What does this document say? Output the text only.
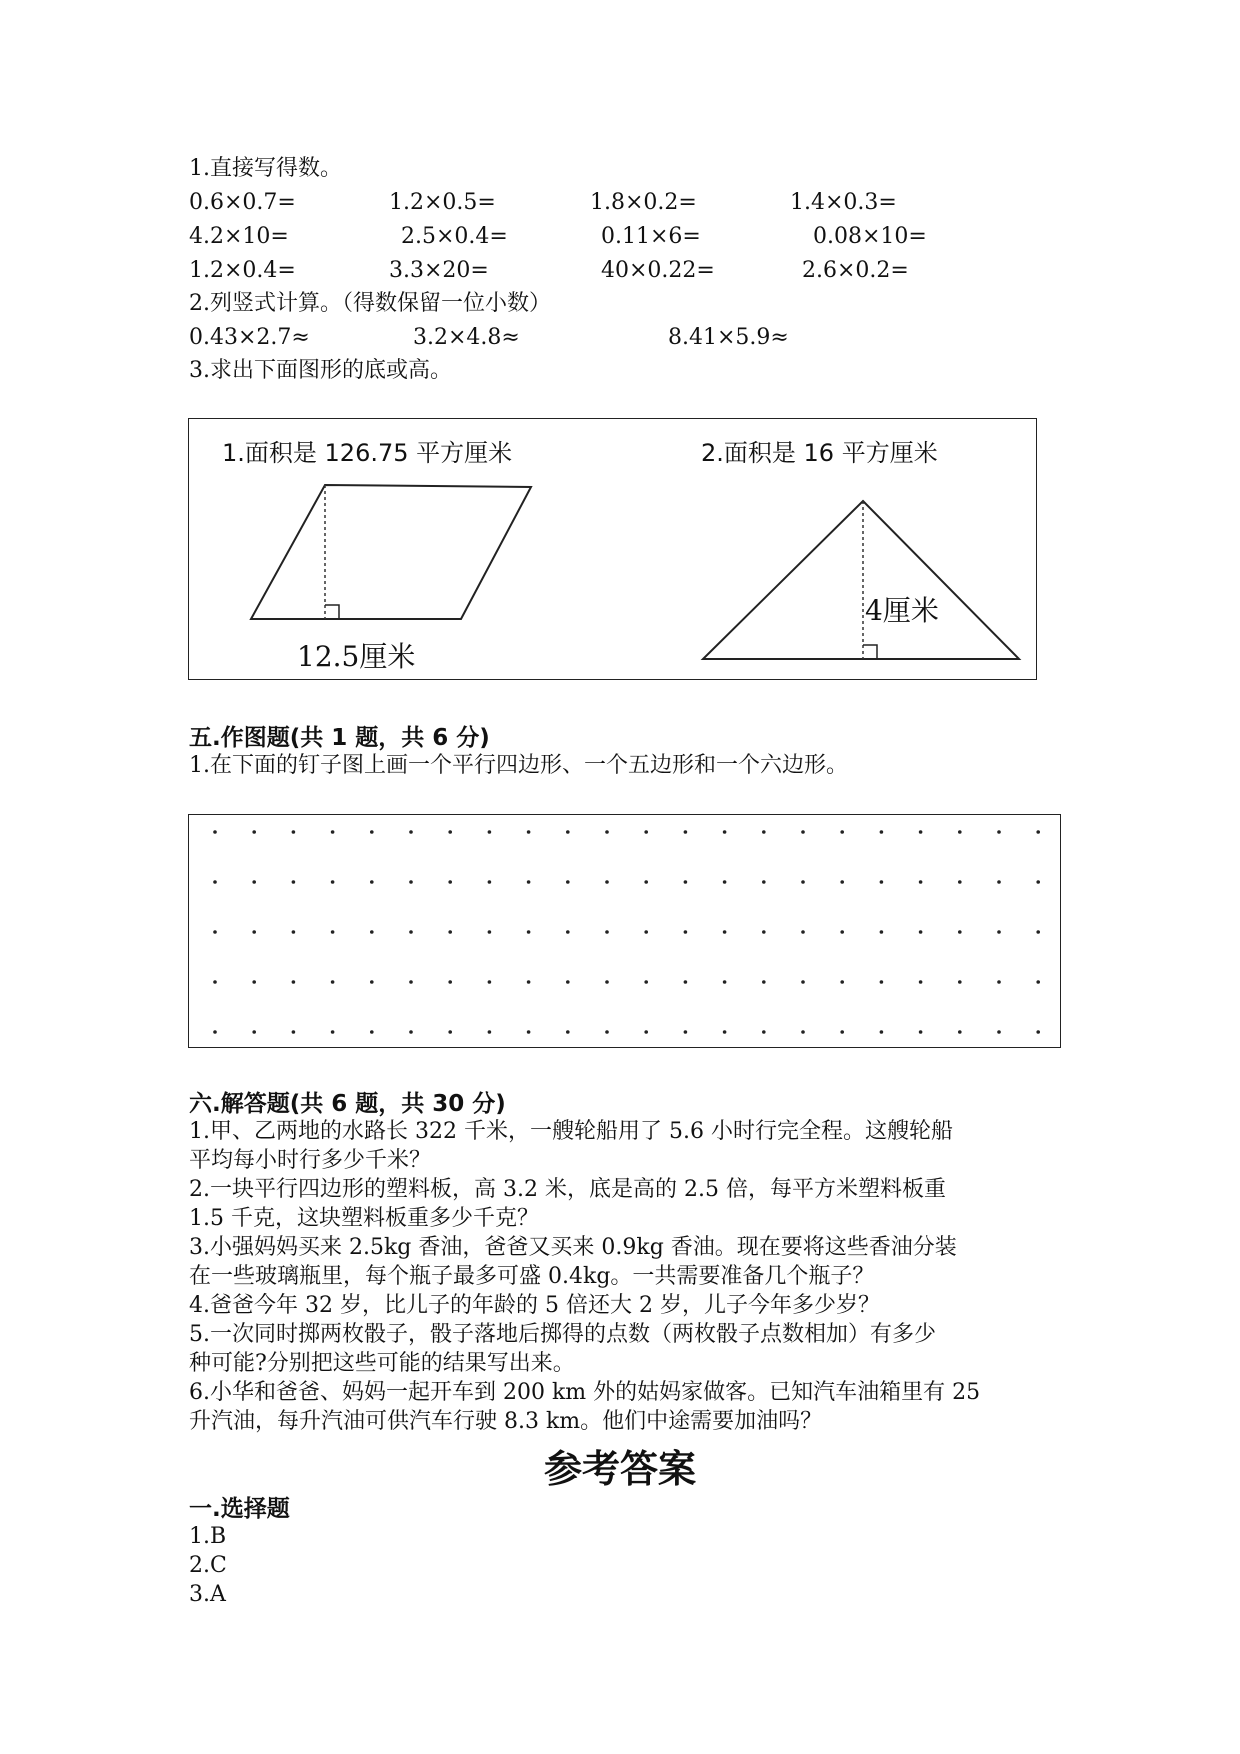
1.直接写得数。
0.6×0.7=	1.2×0.5=	1.8×0.2=	1.4×0.3=
4.2×10=	2.5×0.4=	0.11×6=	0.08×10=
1.2×0.4=	3.3×20=	40×0.22=	2.6×0.2=
2.列竖式计算。（得数保留一位小数）
0.43×2.7≈	3.2×4.8≈	8.41×5.9≈
3.求出下面图形的底或高。
1.面积是 126.75 平方厘米
12.5厘米
2.面积是 16 平方厘米
4厘米
五.作图题(共 1 题，共 6 分)
1.在下面的钉子图上画一个平行四边形、一个五边形和一个六边形。
六.解答题(共 6 题，共 30 分)
1.甲、乙两地的水路长 322 千米，一艘轮船用了 5.6 小时行完全程。这艘轮船
平均每小时行多少千米？
2.一块平行四边形的塑料板，高 3.2 米，底是高的 2.5 倍，每平方米塑料板重
1.5 千克，这块塑料板重多少千克？
3.小强妈妈买来 2.5kg 香油，爸爸又买来 0.9kg 香油。现在要将这些香油分装
在一些玻璃瓶里，每个瓶子最多可盛 0.4kg。一共需要准备几个瓶子？
4.爸爸今年 32 岁，比儿子的年龄的 5 倍还大 2 岁，儿子今年多少岁？
5.一次同时掷两枚骰子，骰子落地后掷得的点数（两枚骰子点数相加）有多少
种可能?分别把这些可能的结果写出来。
6.小华和爸爸、妈妈一起开车到 200 km 外的姑妈家做客。已知汽车油箱里有 25
升汽油，每升汽油可供汽车行驶 8.3 km。他们中途需要加油吗？
参考答案
一.选择题
1.B
2.C
3.A
